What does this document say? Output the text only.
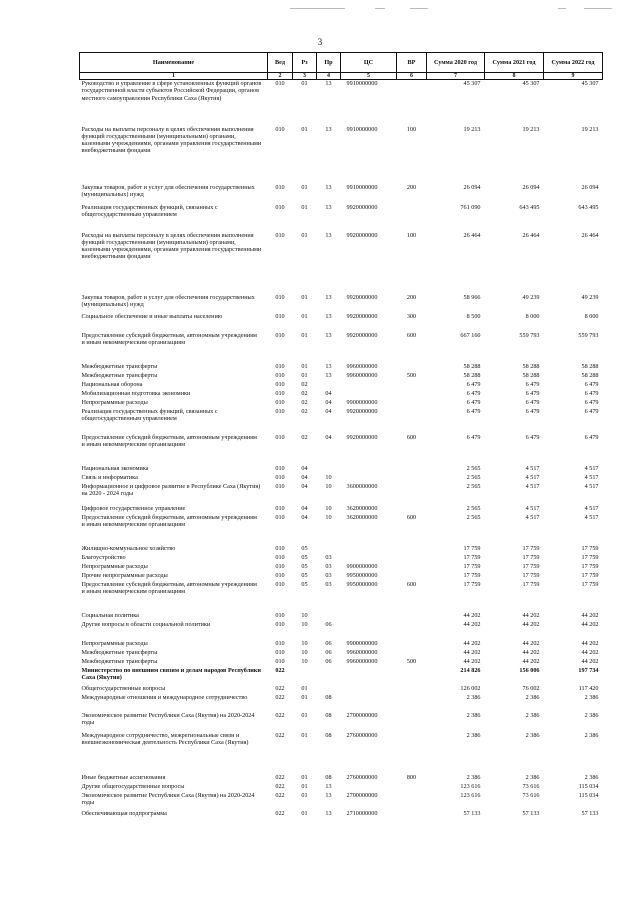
3
Наименование	Вед	Рз	Пр	ЦС	ВР	Сумма 2020 год	Сумма 2021 год	Сумма 2022 год
1	2	3	4	5	6	7	8	9
Руководство и управление в сфере установленных функций органов государственной власти субъектов Российской Федерации, органов местного самоуправления Республики Саха (Якутия)	010	01	13	9910000000		45 307	45 307	45 307
Расходы на выплаты персоналу в целях обеспечения выполнения функций государственными (муниципальными) органами, казенными учреждениями, органами управления государственными внебюджетными фондами	010	01	13	9910000000	100	19 213	19 213	19 213
Закупка товаров, работ и услуг для обеспечения государственных (муниципальных) нужд	010	01	13	9910000000	200	26 094	26 094	26 094
Реализация государственных функций, связанных с общегосударственным управлением	010	01	13	9920000000		761 090	643 495	643 495
Расходы на выплаты персоналу в целях обеспечения выполнения функций государственными (муниципальными) органами, казенными учреждениями, органами управления государственными внебюджетными фондами	010	01	13	9920000000	100	26 464	26 464	26 464
Закупка товаров, работ и услуг для обеспечения государственных (муниципальных) нужд	010	01	13	9920000000	200	58 966	49 239	49 239
Социальное обеспечение и иные выплаты населению	010	01	13	9920000000	300	8 500	8 000	8 000
Предоставление субсидий бюджетным, автономным учреждениям и иным некоммерческим организациям	010	01	13	9920000000	600	667 160	559 793	559 793
Межбюджетные трансферты	010	01	13	9960000000		58 288	58 288	58 288
Межбюджетные трансферты	010	01	13	9960000000	500	58 288	58 288	58 288
Национальная оборона	010	02				6 479	6 479	6 479
Мобилизационная подготовка экономики	010	02	04			6 479	6 479	6 479
Непрограммные расходы	010	02	04	9900000000		6 479	6 479	6 479
Реализация государственных функций, связанных с общегосударственным управлением	010	02	04	9920000000		6 479	6 479	6 479
Предоставление субсидий бюджетным, автономным учреждениям и иным некоммерческим организациям	010	02	04	9920000000	600	6 479	6 479	6 479
Национальная экономика	010	04				2 565	4 517	4 517
Связь и информатика	010	04	10			2 565	4 517	4 517
Информационное и цифровое развитие в Республике Саха (Якутия) на 2020 - 2024 годы	010	04	10	3600000000		2 565	4 517	4 517
Цифровое государственное управление	010	04	10	3620000000		2 565	4 517	4 517
Предоставление субсидий бюджетным, автономным учреждениям и иным некоммерческим организациям	010	04	10	3620000000	600	2 565	4 517	4 517
Жилищно-коммунальное хозяйство	010	05				17 759	17 759	17 759
Благоустройство	010	05	03			17 759	17 759	17 759
Непрограммные расходы	010	05	03	9900000000		17 759	17 759	17 759
Прочие непрограммные расходы	010	05	03	9950000000		17 759	17 759	17 759
Предоставление субсидий бюджетным, автономным учреждениям и иным некоммерческим организациям	010	05	03	9950000000	600	17 759	17 759	17 759
Социальная политика	010	10				44 202	44 202	44 202
Другие вопросы в области социальной политики	010	10	06			44 202	44 202	44 202
Непрограммные расходы	010	10	06	9900000000		44 202	44 202	44 202
Межбюджетные трансферты	010	10	06	9960000000		44 202	44 202	44 202
Межбюджетные трансферты	010	10	06	9960000000	500	44 202	44 202	44 202
Министерство по внешним связям и делам народов Республики Саха (Якутия)	022					214 826	156 006	197 734
Общегосударственные вопросы	022	01				126 002	76 002	117 420
Международные отношения и международное сотрудничество	022	01	08			2 386	2 386	2 386
Экономическое развитие Республики Саха (Якутия) на 2020-2024 годы	022	01	08	2700000000		2 386	2 386	2 386
Международное сотрудничество, межрегиональные связи и внешнеэкономическая деятельность Республики Саха (Якутия)	022	01	08	2760000000		2 386	2 386	2 386
Иные бюджетные ассигнования	022	01	08	2760000000	800	2 386	2 386	2 386
Другие общегосударственные вопросы	022	01	13			123 616	73 616	115 034
Экономическое развитие Республики Саха (Якутия) на 2020-2024 годы	022	01	13	2700000000		123 616	73 616	115 034
Обеспечивающая подпрограмма	022	01	13	2710000000		57 133	57 133	57 133
